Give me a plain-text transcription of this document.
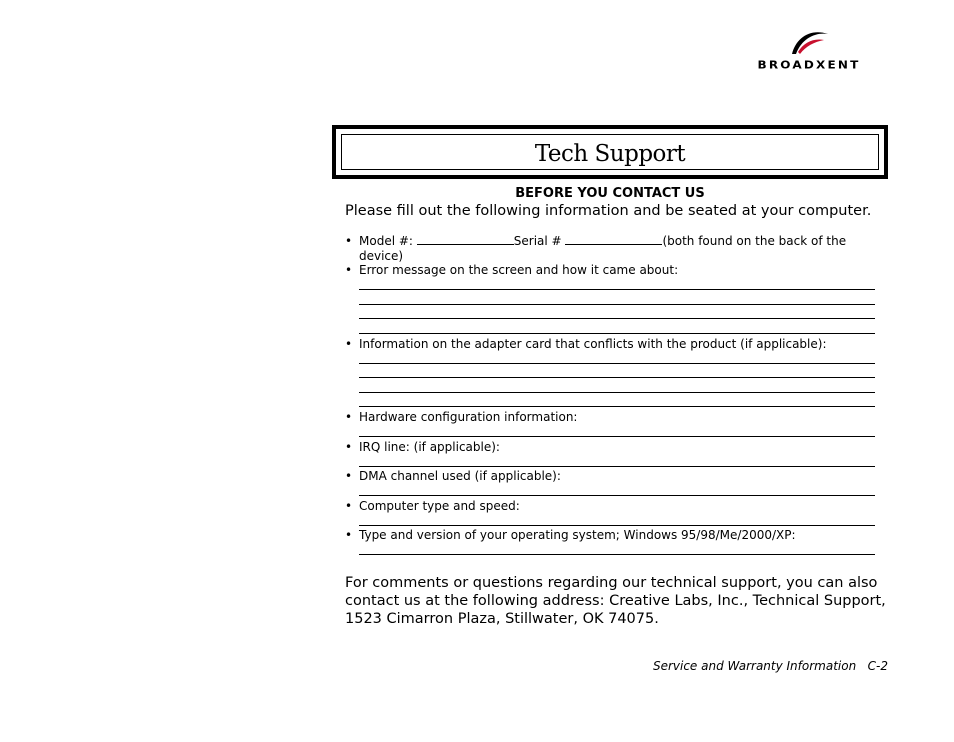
BROADXENT
Tech Support
BEFORE YOU CONTACT US
Please fill out the following information and be seated at your computer.
• Model #:	Serial #	(both found on the back of the device)
• Error message on the screen and how it came about:
• Information on the adapter card that conflicts with the product (if applicable):
• Hardware configuration information:
• IRQ line: (if applicable):
• DMA channel used (if applicable):
• Computer type and speed:
• Type and version of your operating system; Windows 95/98/Me/2000/XP:
For comments or questions regarding our technical support, you can also contact us at the following address: Creative Labs, Inc., Technical Support, 1523 Cimarron Plaza, Stillwater, OK 74075.
Service and Warranty Information C-2
